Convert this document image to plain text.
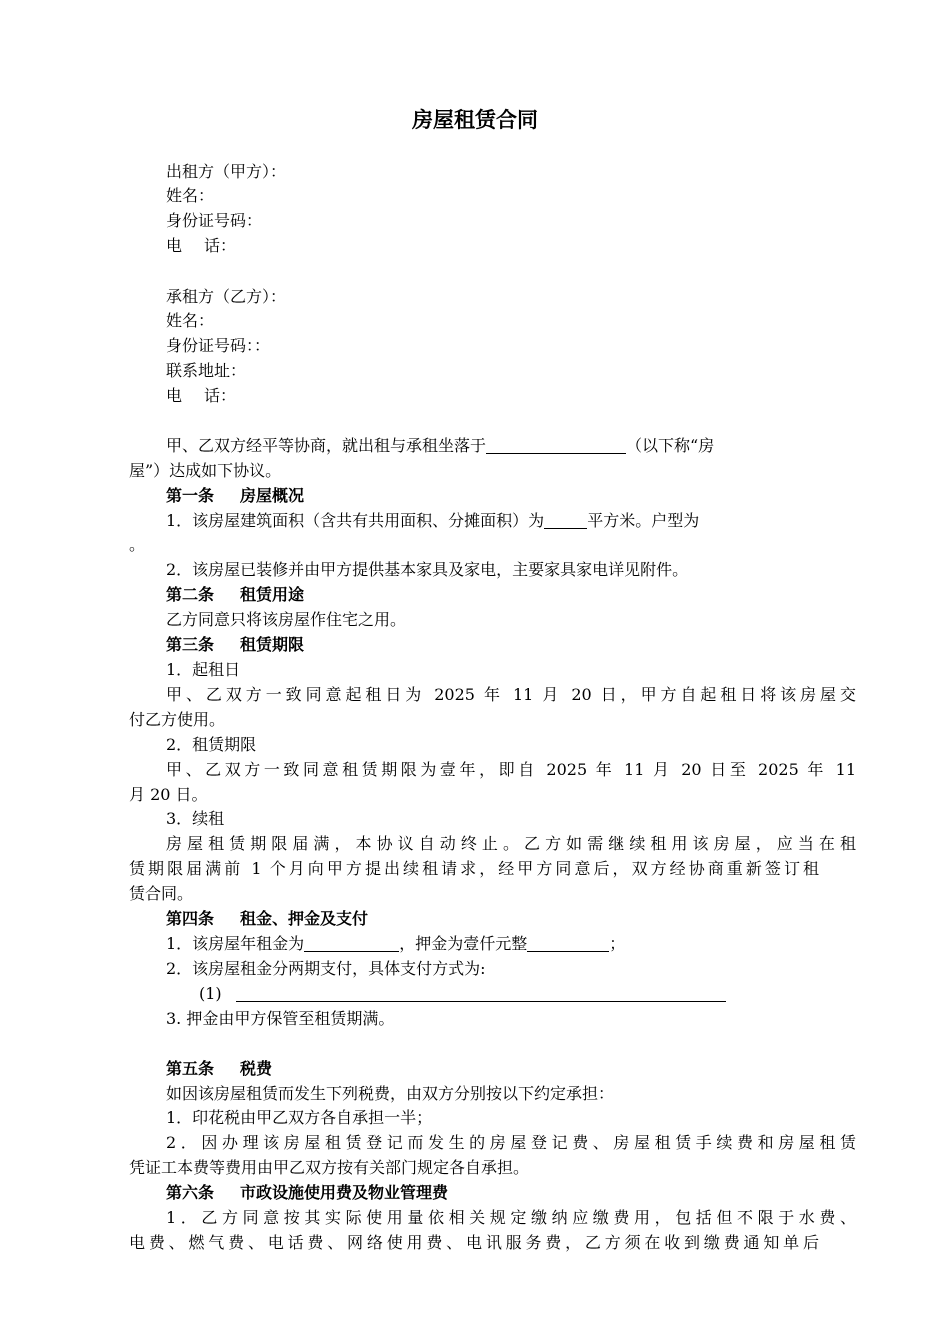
房屋租赁合同
出租方（甲方）：
姓名：
身份证号码：
电 话：
承租方（乙方）：
姓名：
身份证号码：：
联系地址：
电 话：
甲、乙双方经平等协商，就出租与承租坐落于	（以下称“房
屋”）达成如下协议。
第一条 房屋概况
1．该房屋建筑面积（含共有共用面积、分摊面积）为	平方米。户型为
。
2．该房屋已装修并由甲方提供基本家具及家电，主要家具家电详见附件。
第二条 租赁用途
乙方同意只将该房屋作住宅之用。
第三条 租赁期限
1．起租日
甲、乙双方一致同意起租日为 2025 年 11 月 20 日，甲方自起租日将该房屋交
付乙方使用。
2．租赁期限
甲、乙双方一致同意租赁期限为壹年，即自 2025 年 11 月 20 日至 2025 年 11
月 20 日。
3．续租
房屋租赁期限届满，本协议自动终止。乙方如需继续租用该房屋，应当在租
赁期限届满前 1 个月向甲方提出续租请求，经甲方同意后，双方经协商重新签订租
赁合同。
第四条 租金、押金及支付
1．该房屋年租金为	，押金为壹仟元整	；
2．该房屋租金分两期支付，具体支付方式为:
(1)
3. 押金由甲方保管至租赁期满。
第五条 税费
如因该房屋租赁而发生下列税费，由双方分别按以下约定承担：
1．印花税由甲乙双方各自承担一半；
2．因办理该房屋租赁登记而发生的房屋登记费、房屋租赁手续费和房屋租赁
凭证工本费等费用由甲乙双方按有关部门规定各自承担。
第六条 市政设施使用费及物业管理费
1．乙方同意按其实际使用量依相关规定缴纳应缴费用，包括但不限于水费、
电费、燃气费、电话费、网络使用费、电讯服务费，乙方须在收到缴费通知单后
